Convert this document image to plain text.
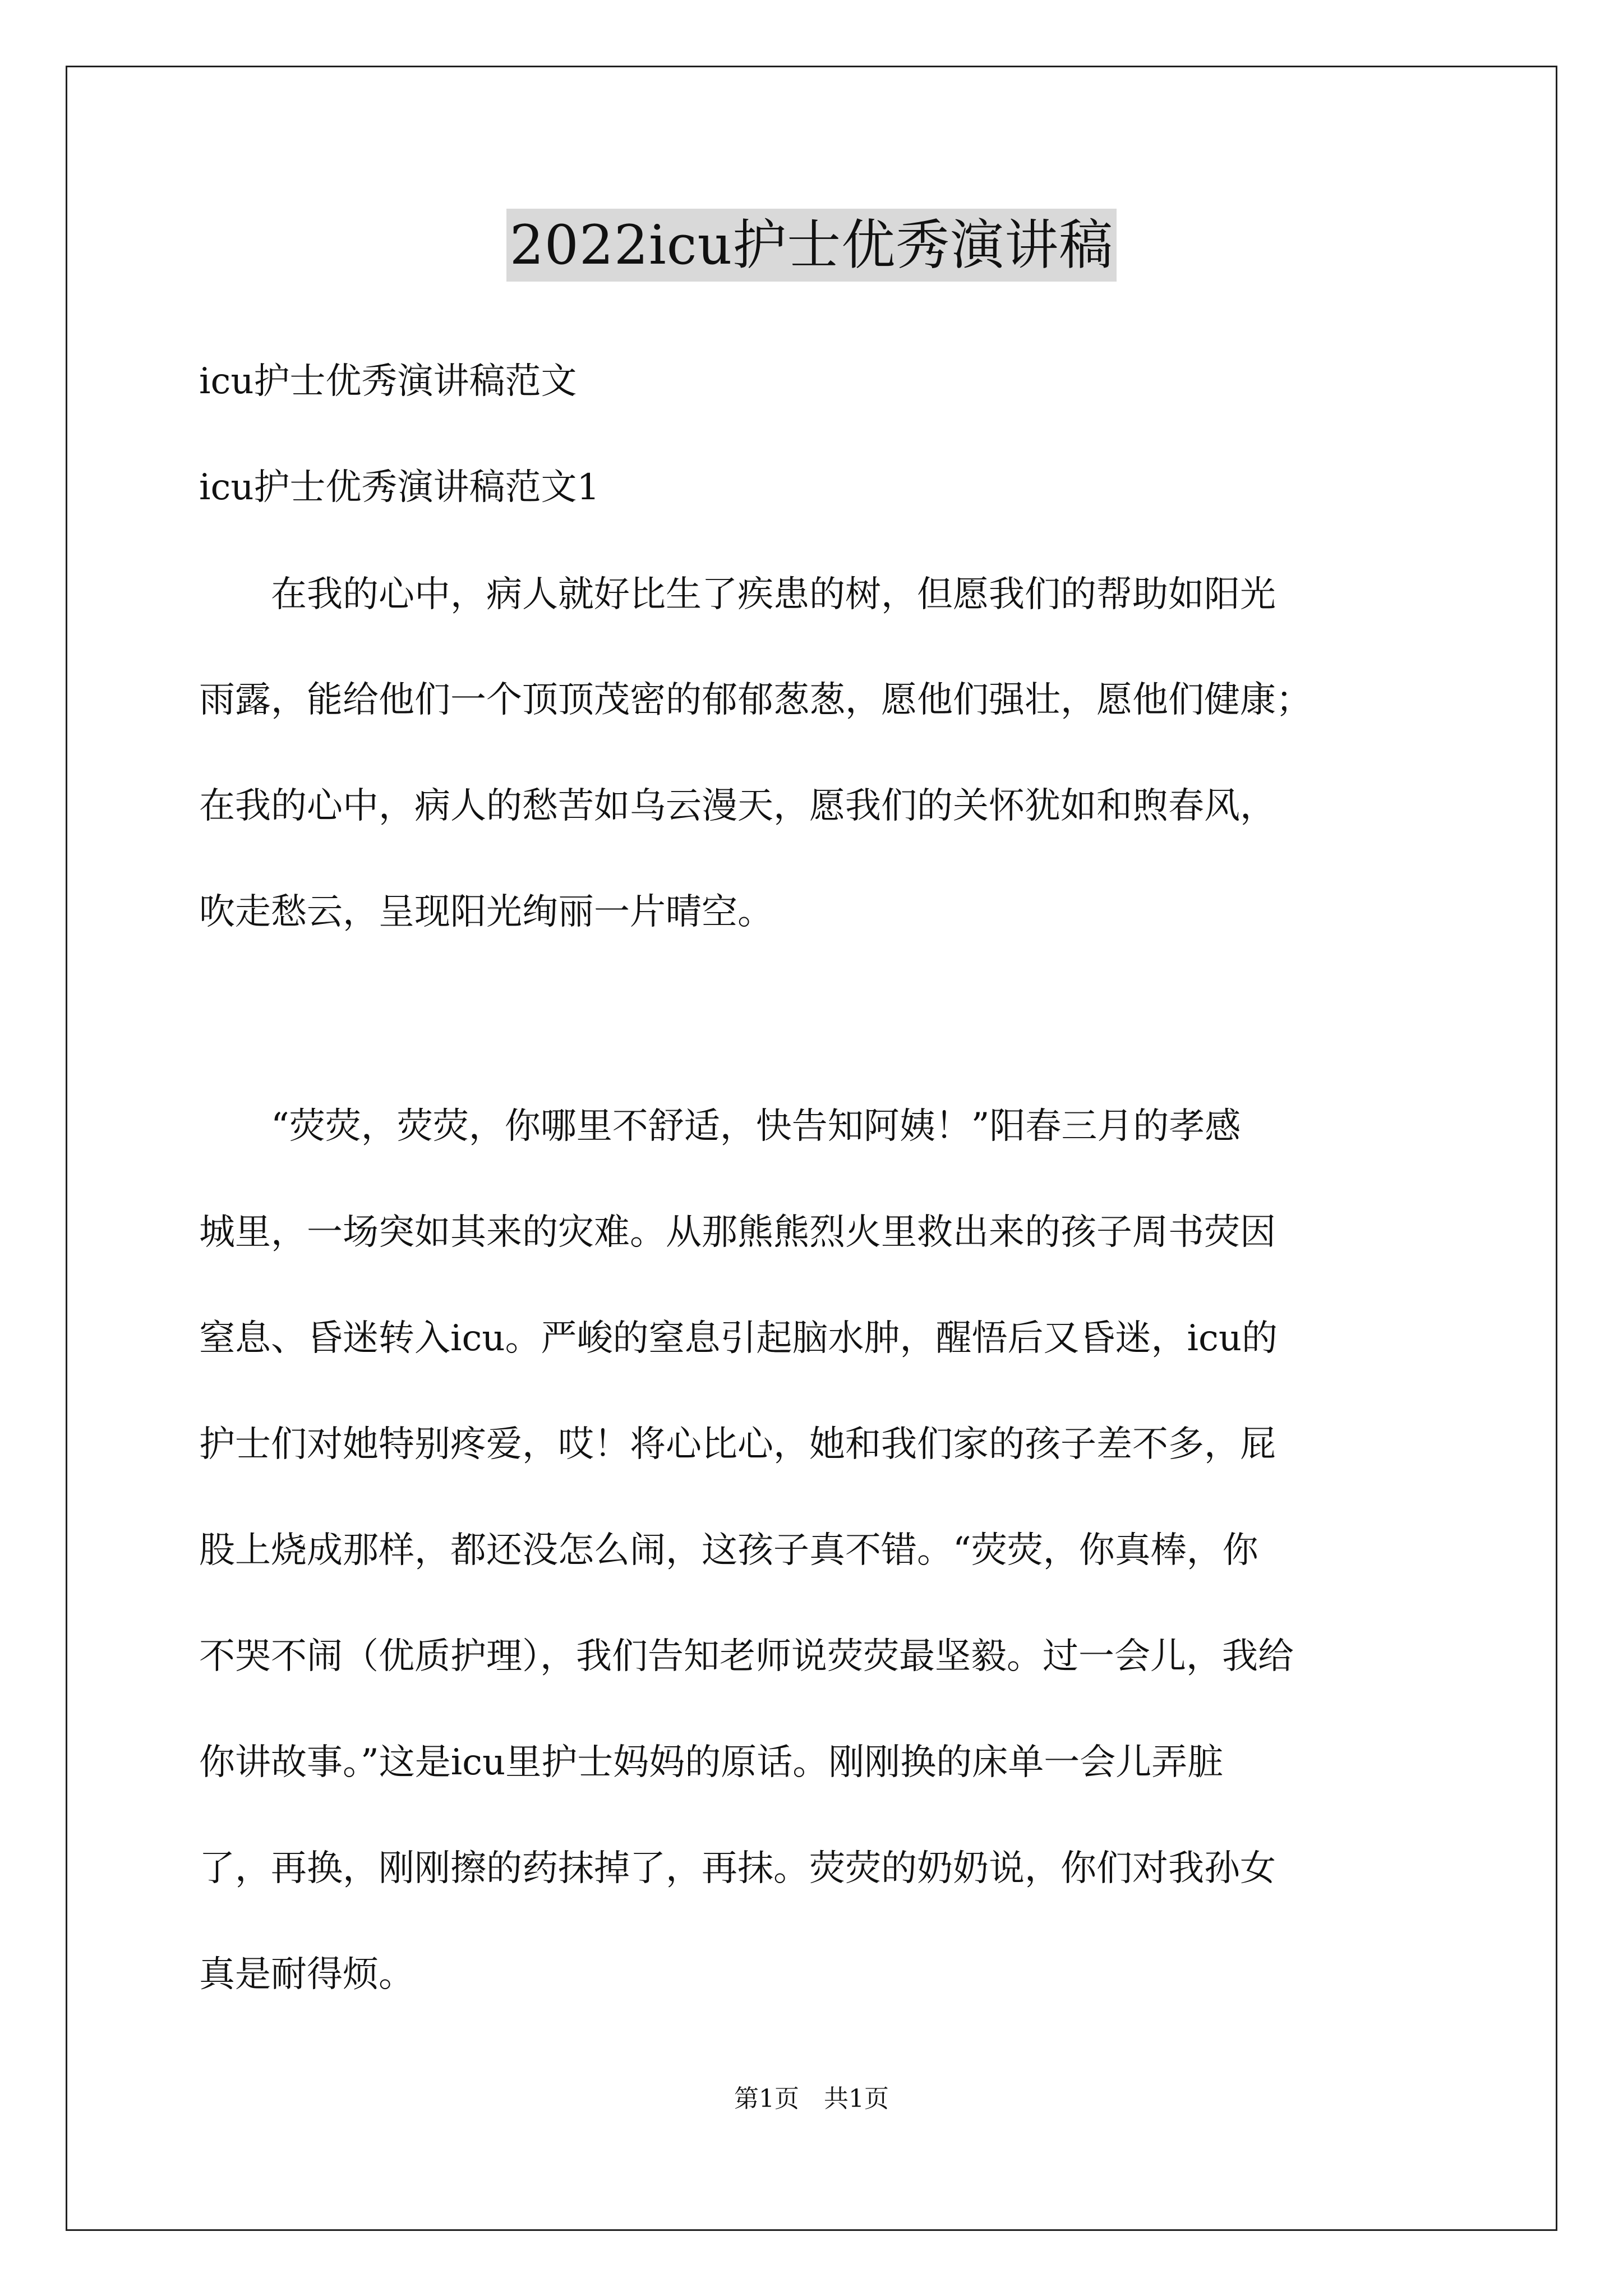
2022icu护士优秀演讲稿
icu护士优秀演讲稿范文
icu护士优秀演讲稿范文1
　　在我的心中，病人就好比生了疾患的树，但愿我们的帮助如阳光
雨露，能给他们一个顶顶茂密的郁郁葱葱，愿他们强壮，愿他们健康；
在我的心中，病人的愁苦如乌云漫天，愿我们的关怀犹如和煦春风，
吹走愁云，呈现阳光绚丽一片晴空。
　　“荧荧，荧荧，你哪里不舒适，快告知阿姨！”阳春三月的孝感
城里，一场突如其来的灾难。从那熊熊烈火里救出来的孩子周书荧因
窒息、昏迷转入icu。严峻的窒息引起脑水肿，醒悟后又昏迷，icu的
护士们对她特别疼爱，哎！将心比心，她和我们家的孩子差不多，屁
股上烧成那样，都还没怎么闹，这孩子真不错。“荧荧，你真棒，你
不哭不闹（优质护理），我们告知老师说荧荧最坚毅。过一会儿，我给
你讲故事。”这是icu里护士妈妈的原话。刚刚换的床单一会儿弄脏
了，再换，刚刚擦的药抹掉了，再抹。荧荧的奶奶说，你们对我孙女
真是耐得烦。
第1页　共1页
